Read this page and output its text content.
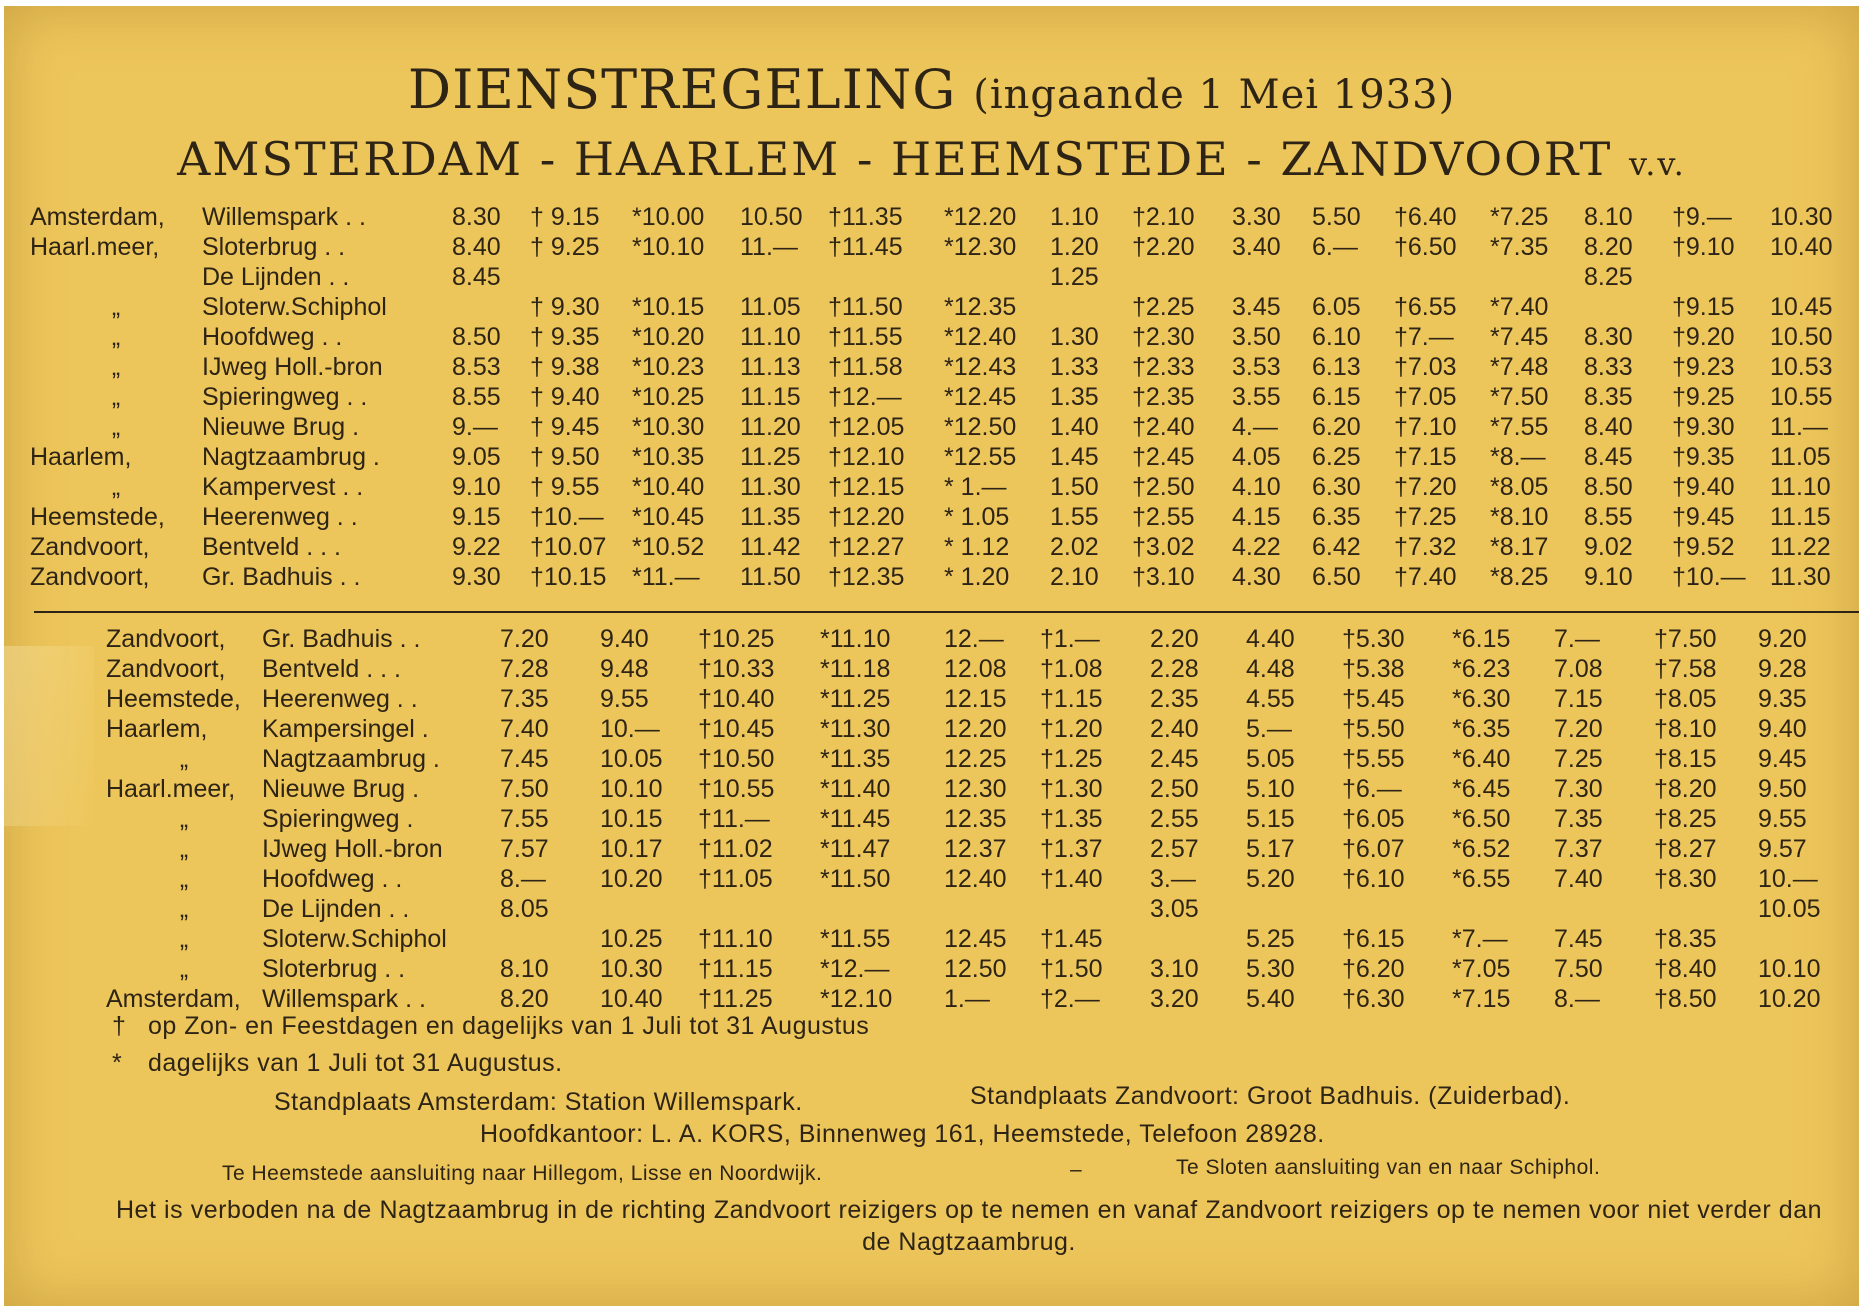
DIENSTREGELING (ingaande 1 Mei 1933)
AMSTERDAM - HAARLEM - HEEMSTEDE - ZANDVOORT v.v.
Amsterdam,	Willemspark . .	8.30	† 9.15	*10.00	10.50	†11.35	*12.20	1.10	†2.10	3.30	5.50	†6.40	*7.25	8.10	†9.—	10.30
Haarl.meer,	Sloterbrug . .	8.40	† 9.25	*10.10	11.—	†11.45	*12.30	1.20	†2.20	3.40	6.—	†6.50	*7.35	8.20	†9.10	10.40
	De Lijnden . .	8.45						1.25						8.25		
„	Sloterw.Schiphol		† 9.30	*10.15	11.05	†11.50	*12.35		†2.25	3.45	6.05	†6.55	*7.40		†9.15	10.45
„	Hoofdweg . .	8.50	† 9.35	*10.20	11.10	†11.55	*12.40	1.30	†2.30	3.50	6.10	†7.—	*7.45	8.30	†9.20	10.50
„	IJweg Holl.-bron	8.53	† 9.38	*10.23	11.13	†11.58	*12.43	1.33	†2.33	3.53	6.13	†7.03	*7.48	8.33	†9.23	10.53
„	Spieringweg . .	8.55	† 9.40	*10.25	11.15	†12.—	*12.45	1.35	†2.35	3.55	6.15	†7.05	*7.50	8.35	†9.25	10.55
„	Nieuwe Brug .	9.—	† 9.45	*10.30	11.20	†12.05	*12.50	1.40	†2.40	4.—	6.20	†7.10	*7.55	8.40	†9.30	11.—
Haarlem,	Nagtzaambrug .	9.05	† 9.50	*10.35	11.25	†12.10	*12.55	1.45	†2.45	4.05	6.25	†7.15	*8.—	8.45	†9.35	11.05
„	Kampervest . .	9.10	† 9.55	*10.40	11.30	†12.15	* 1.—	1.50	†2.50	4.10	6.30	†7.20	*8.05	8.50	†9.40	11.10
Heemstede,	Heerenweg . .	9.15	†10.—	*10.45	11.35	†12.20	* 1.05	1.55	†2.55	4.15	6.35	†7.25	*8.10	8.55	†9.45	11.15
Zandvoort,	Bentveld . . .	9.22	†10.07	*10.52	11.42	†12.27	* 1.12	2.02	†3.02	4.22	6.42	†7.32	*8.17	9.02	†9.52	11.22
Zandvoort,	Gr. Badhuis . .	9.30	†10.15	*11.—	11.50	†12.35	* 1.20	2.10	†3.10	4.30	6.50	†7.40	*8.25	9.10	†10.—	11.30
Zandvoort,	Gr. Badhuis . .	7.20	9.40	†10.25	*11.10	12.—	†1.—	2.20	4.40	†5.30	*6.15	7.—	†7.50	9.20
Zandvoort,	Bentveld . . .	7.28	9.48	†10.33	*11.18	12.08	†1.08	2.28	4.48	†5.38	*6.23	7.08	†7.58	9.28
Heemstede,	Heerenweg . .	7.35	9.55	†10.40	*11.25	12.15	†1.15	2.35	4.55	†5.45	*6.30	7.15	†8.05	9.35
Haarlem,	Kampersingel .	7.40	10.—	†10.45	*11.30	12.20	†1.20	2.40	5.—	†5.50	*6.35	7.20	†8.10	9.40
„	Nagtzaambrug .	7.45	10.05	†10.50	*11.35	12.25	†1.25	2.45	5.05	†5.55	*6.40	7.25	†8.15	9.45
Haarl.meer,	Nieuwe Brug .	7.50	10.10	†10.55	*11.40	12.30	†1.30	2.50	5.10	†6.—	*6.45	7.30	†8.20	9.50
„	Spieringweg .	7.55	10.15	†11.—	*11.45	12.35	†1.35	2.55	5.15	†6.05	*6.50	7.35	†8.25	9.55
„	IJweg Holl.-bron	7.57	10.17	†11.02	*11.47	12.37	†1.37	2.57	5.17	†6.07	*6.52	7.37	†8.27	9.57
„	Hoofdweg . .	8.—	10.20	†11.05	*11.50	12.40	†1.40	3.—	5.20	†6.10	*6.55	7.40	†8.30	10.—
„	De Lijnden . .	8.05						3.05						10.05
„	Sloterw.Schiphol		10.25	†11.10	*11.55	12.45	†1.45		5.25	†6.15	*7.—	7.45	†8.35	
„	Sloterbrug . .	8.10	10.30	†11.15	*12.—	12.50	†1.50	3.10	5.30	†6.20	*7.05	7.50	†8.40	10.10
Amsterdam,	Willemspark . .	8.20	10.40	†11.25	*12.10	1.—	†2.—	3.20	5.40	†6.30	*7.15	8.—	†8.50	10.20
† op Zon- en Feestdagen en dagelijks van 1 Juli tot 31 Augustus
* dagelijks van 1 Juli tot 31 Augustus.
Standplaats Amsterdam: Station Willemspark.	Standplaats Zandvoort: Groot Badhuis. (Zuiderbad).
Hoofdkantoor: L. A. KORS, Binnenweg 161, Heemstede, Telefoon 28928.
Te Heemstede aansluiting naar Hillegom, Lisse en Noordwijk.	–	Te Sloten aansluiting van en naar Schiphol.
Het is verboden na de Nagtzaambrug in de richting Zandvoort reizigers op te nemen en vanaf Zandvoort reizigers op te nemen voor niet verder dan de Nagtzaambrug.
